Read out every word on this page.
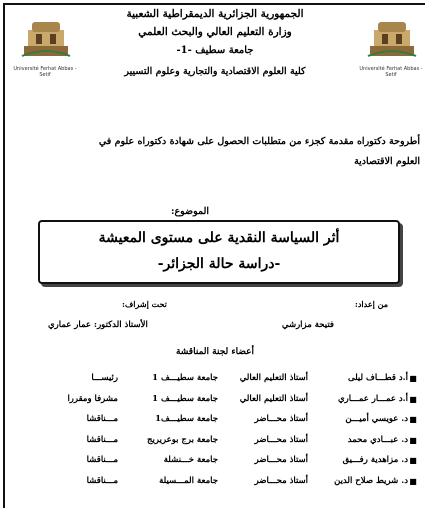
Université Ferhat Abbas - Setif
Université Ferhat Abbas - Setif
الجمهورية الجزائرية الديمقراطية الشعبية
وزارة التعليم العالي والبحث العلمي
جامعة سطيف -1-
كلية العلوم الاقتصادية والتجارية وعلوم التسيير
أطروحة دكتوراه مقدمة كجزء من متطلبات الحصول على شهادة دكتوراه علوم في
العلوم الاقتصادية
الموضوع:
أثر السياسة النقدية على مستوى المعيشة
-دراسة حالة الجزائر-
من إعداد:
تحت إشراف:
فتيحة مزارشي
الأستاذ الدكتور: عمار عماري
أعضاء لجنة المناقشة
■
أ.د قطـــاف ليلى
أستاذ التعليم العالي
جامعة سطيـــف 1
رئيســـا
■
أ.د عمـــار عمـــاري
أستاذ التعليم العالي
جامعة سطيـــف 1
مشرفا ومقررا
■
د. عويسي أميـــن
أستاذ محـــاضر
جامعة سطيـــف1
مـــناقشا
■
د. عبـــادي محمد
أستاذ محـــاضر
جامعة برج بوعريريج
مـــناقشا
■
د. مزاهدية رفـــيق
أستاذ محـــاضر
جامعة خـــنشلة
مـــناقشا
■
د. شريط صلاح الدين
أستاذ محـــاضر
جامعة المـــسيلة
مـــناقشا
